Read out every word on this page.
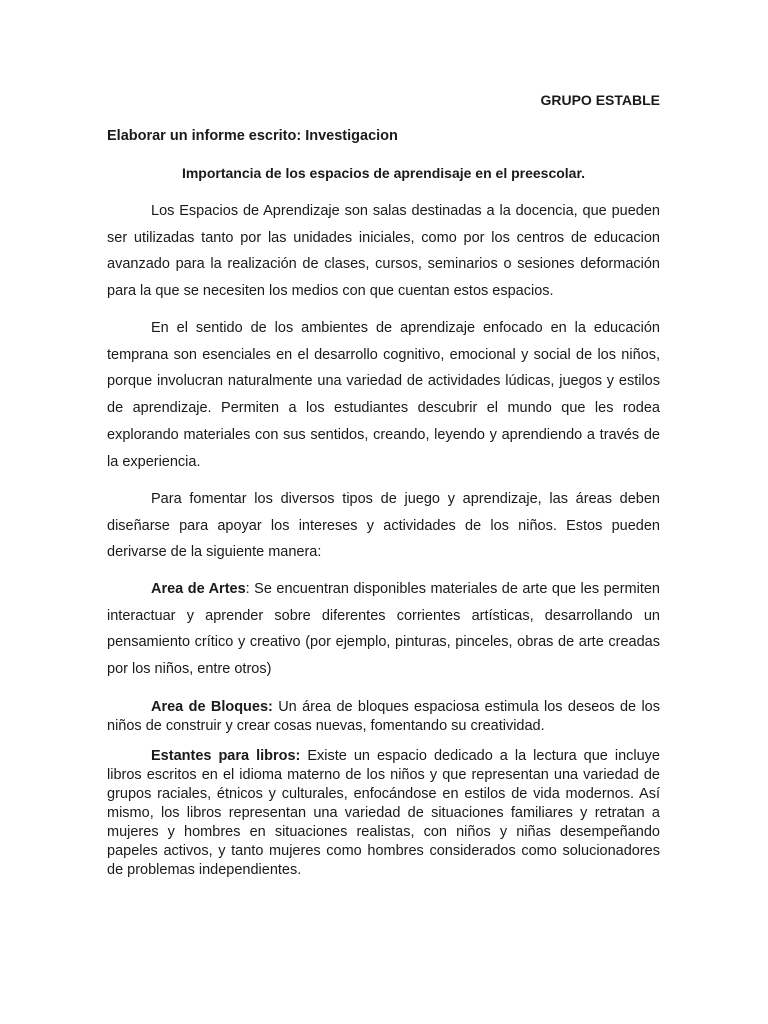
GRUPO ESTABLE
Elaborar un informe escrito: Investigacion
Importancia de los espacios de aprendisaje en el preescolar.

Los Espacios de Aprendizaje son salas destinadas a la docencia, que pueden ser utilizadas tanto por las unidades iniciales, como por los centros de educacion avanzado para la realización de clases, cursos, seminarios o sesiones deformación para la que se necesiten los medios con que cuentan estos espacios.

En el sentido de los ambientes de aprendizaje enfocado en la educación temprana son esenciales en el desarrollo cognitivo, emocional y social de los niños, porque involucran naturalmente una variedad de actividades lúdicas, juegos y estilos de aprendizaje. Permiten a los estudiantes descubrir el mundo que les rodea explorando materiales con sus sentidos, creando, leyendo y aprendiendo a través de la experiencia.

Para fomentar los diversos tipos de juego y aprendizaje, las áreas deben diseñarse para apoyar los intereses y actividades de los niños. Estos pueden derivarse de la siguiente manera:

Area de Artes: Se encuentran disponibles materiales de arte que les permiten interactuar y aprender sobre diferentes corrientes artísticas, desarrollando un pensamiento crítico y creativo (por ejemplo, pinturas, pinceles, obras de arte creadas por los niños, entre otros)

Area de Bloques: Un área de bloques espaciosa estimula los deseos de los niños de construir y crear cosas nuevas, fomentando su creatividad.

Estantes para libros: Existe un espacio dedicado a la lectura que incluye libros escritos en el idioma materno de los niños y que representan una variedad de grupos raciales, étnicos y culturales, enfocándose en estilos de vida modernos. Así mismo, los libros representan una variedad de situaciones familiares y retratan a mujeres y hombres en situaciones realistas, con niños y niñas desempeñando papeles activos, y tanto mujeres como hombres considerados como solucionadores de problemas independientes.
